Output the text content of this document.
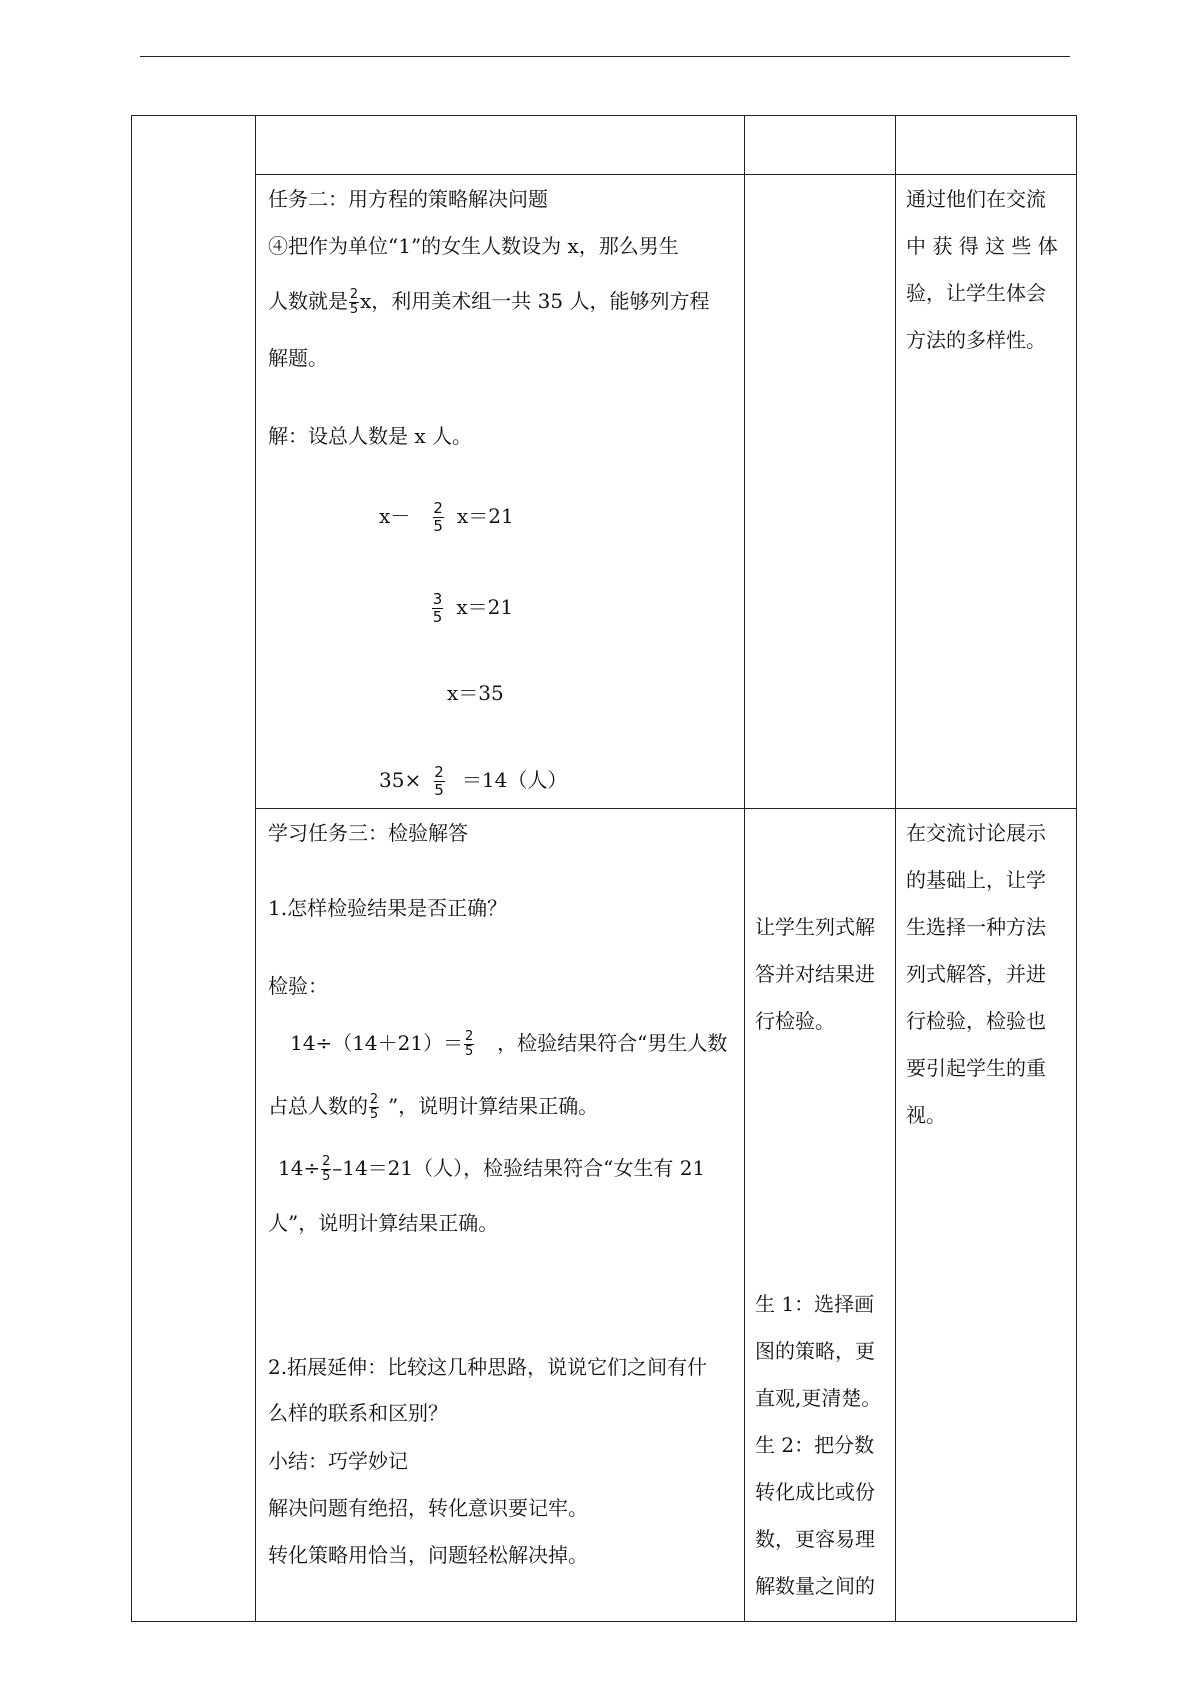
任务二：用方程的策略解决问题
④把作为单位“1”的女生人数设为 x，那么男生
人数就是 $\frac{2}{5}$ x，利用美术组一共 35 人，能够列方程
解题。
解：设总人数是 x 人。
$x- \frac{2}{5} x=21$
$\frac{3}{5} x=21$
x＝35
$35\times \frac{2}{5} =14$（人）
通过他们在交流
中 获 得 这 些 体
验，让学生体会
方法的多样性。
学习任务三：检验解答
1.怎样检验结果是否正确？
检验：
$14\div(14+21)= \frac{2}{5}$ ，检验结果符合“男生人数
占总人数的 $\frac{2}{5}$ ”，说明计算结果正确。
$14\div \frac{2}{5} -14=21$（人），检验结果符合“女生有 21
人”，说明计算结果正确。
2.拓展延伸：比较这几种思路，说说它们之间有什
么样的联系和区别？
小结：巧学妙记
解决问题有绝招，转化意识要记牢。
转化策略用恰当，问题轻松解决掉。
让学生列式解
答并对结果进
行检验。
生 1：选择画
图的策略，更
直观,更清楚。
生 2：把分数
转化成比或份
数，更容易理
解数量之间的
在交流讨论展示
的基础上，让学
生选择一种方法
列式解答，并进
行检验，检验也
要引起学生的重
视。
